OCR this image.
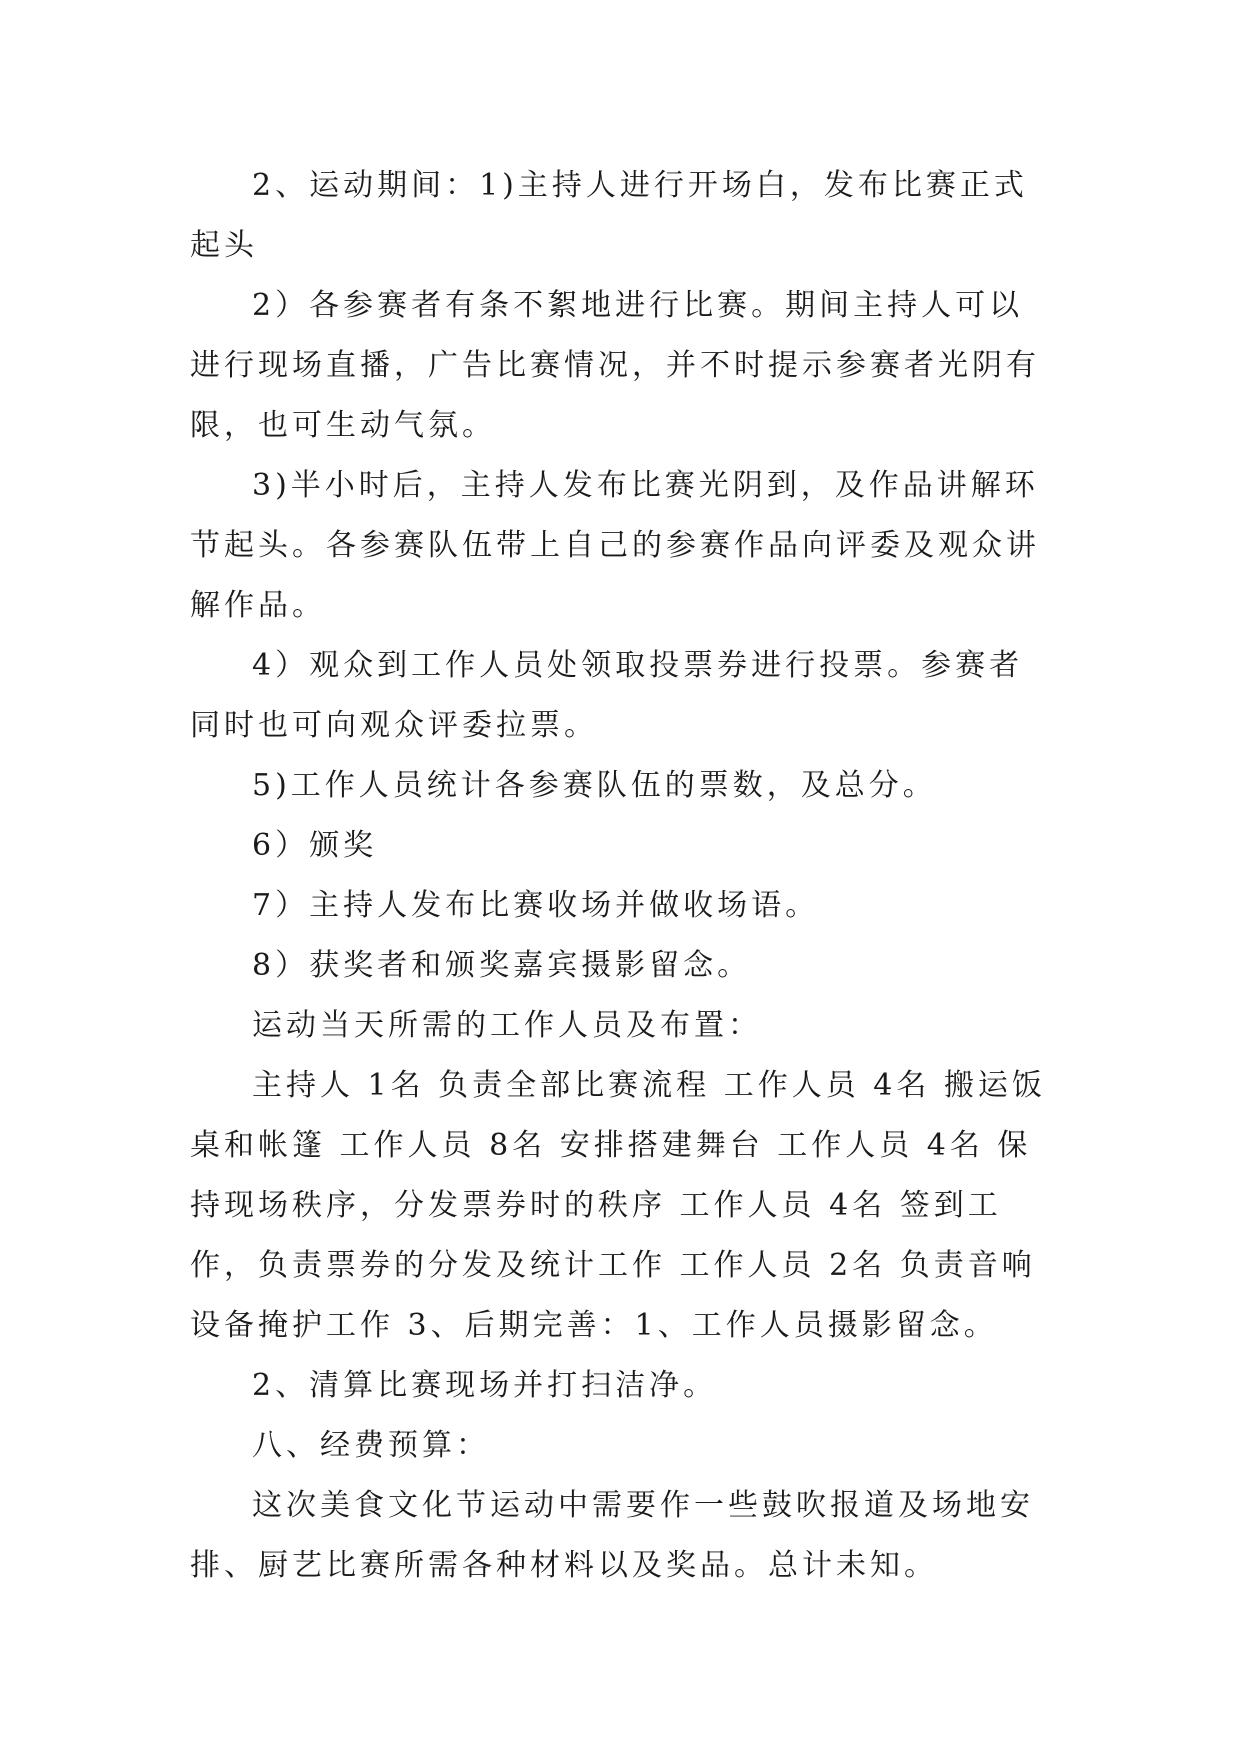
2、运动期间：1)主持人进行开场白，发布比赛正式起头

2）各参赛者有条不絮地进行比赛。期间主持人可以进行现场直播，广告比赛情况，并不时提示参赛者光阴有限，也可生动气氛。

3)半小时后，主持人发布比赛光阴到，及作品讲解环节起头。各参赛队伍带上自己的参赛作品向评委及观众讲解作品。

4）观众到工作人员处领取投票券进行投票。参赛者同时也可向观众评委拉票。

5)工作人员统计各参赛队伍的票数，及总分。

6）颁奖

7）主持人发布比赛收场并做收场语。

8）获奖者和颁奖嘉宾摄影留念。

运动当天所需的工作人员及布置：

主持人 1名 负责全部比赛流程 工作人员 4名 搬运饭桌和帐篷 工作人员 8名 安排搭建舞台 工作人员 4名 保持现场秩序，分发票券时的秩序 工作人员 4名 签到工作，负责票券的分发及统计工作 工作人员 2名 负责音响设备掩护工作 3、后期完善：1、工作人员摄影留念。

2、清算比赛现场并打扫洁净。

八、经费预算：

这次美食文化节运动中需要作一些鼓吹报道及场地安排、厨艺比赛所需各种材料以及奖品。总计未知。
